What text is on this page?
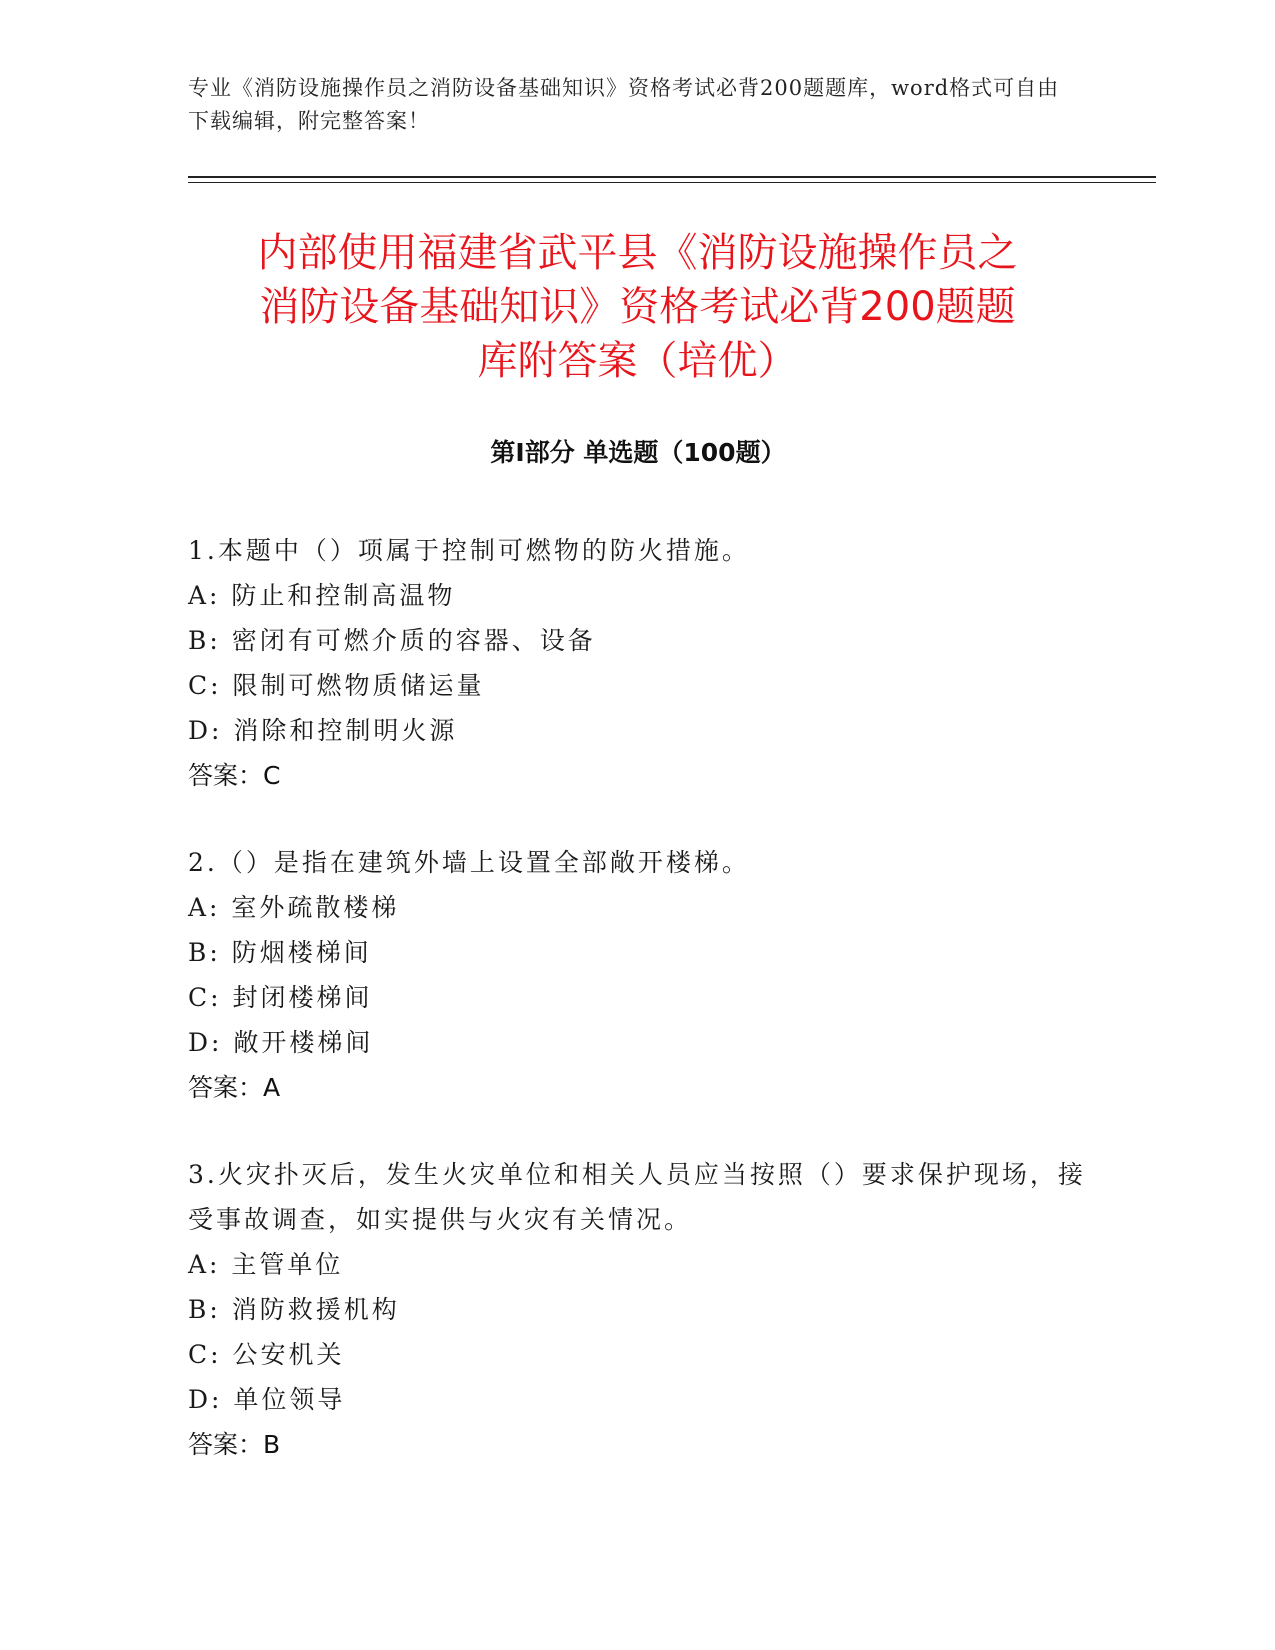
专业《消防设施操作员之消防设备基础知识》资格考试必背200题题库，word格式可自由下载编辑，附完整答案！
内部使用福建省武平县《消防设施操作员之
消防设备基础知识》资格考试必背200题题
库附答案（培优）
第Ⅰ部分 单选题（100题）

1.本题中（）项属于控制可燃物的防火措施。

A: 防止和控制高温物

B: 密闭有可燃介质的容器、设备

C: 限制可燃物质储运量

D: 消除和控制明火源

答案：C

2.（）是指在建筑外墙上设置全部敞开楼梯。

A: 室外疏散楼梯

B: 防烟楼梯间

C: 封闭楼梯间

D: 敞开楼梯间

答案：A

3.火灾扑灭后，发生火灾单位和相关人员应当按照（）要求保护现场，接受事故调查，如实提供与火灾有关情况。

A: 主管单位

B: 消防救援机构

C: 公安机关

D: 单位领导

答案：B
